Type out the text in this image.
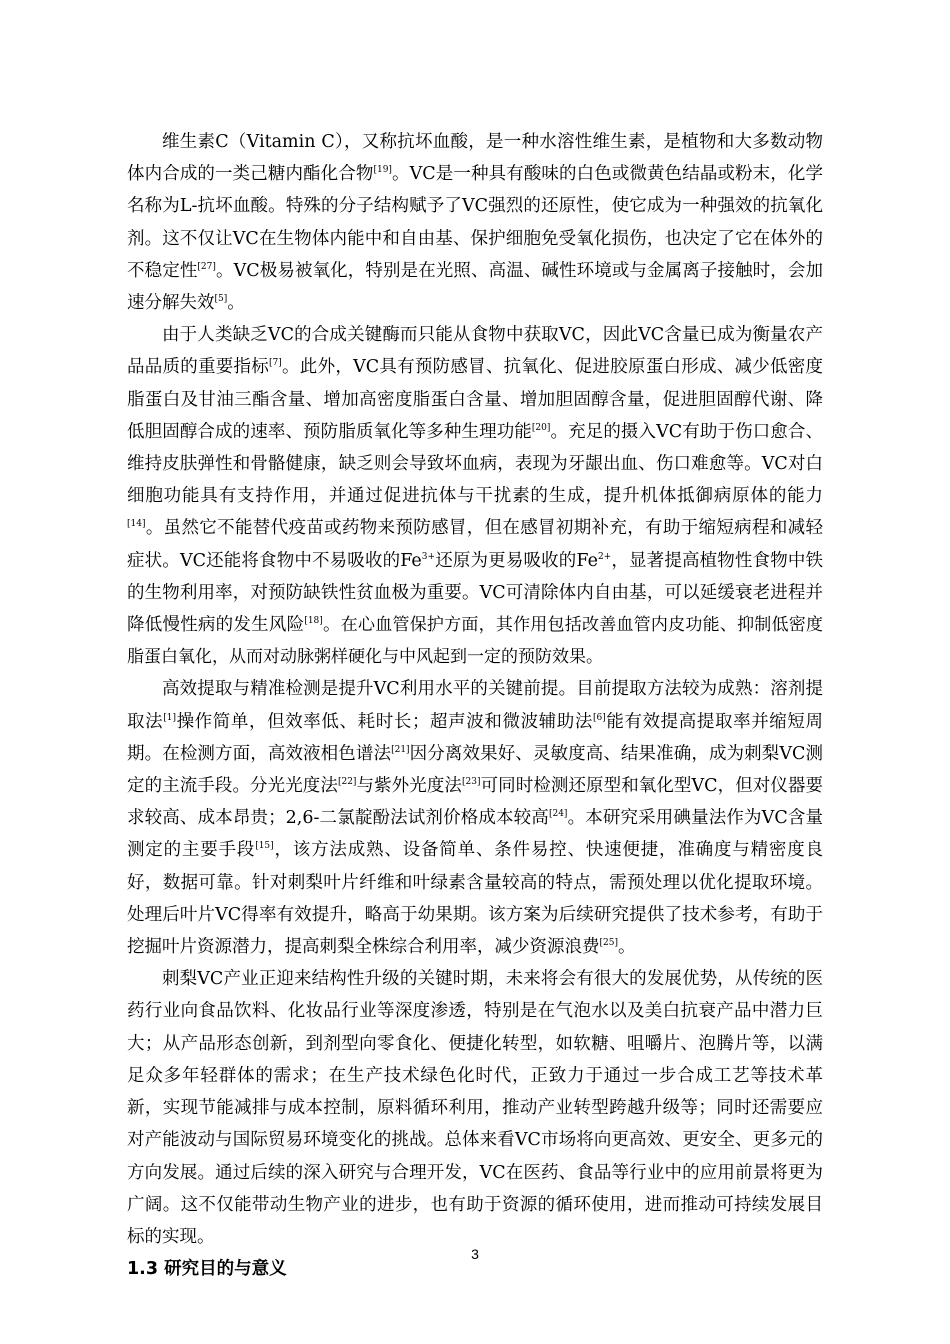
维生素C（Vitamin C），又称抗坏血酸，是一种水溶性维生素，是植物和大多数动物体内合成的一类己糖内酯化合物[19]。VC是一种具有酸味的白色或微黄色结晶或粉末，化学名称为L-抗坏血酸。特殊的分子结构赋予了VC强烈的还原性，使它成为一种强效的抗氧化剂。这不仅让VC在生物体内能中和自由基、保护细胞免受氧化损伤，也决定了它在体外的不稳定性[27]。VC极易被氧化，特别是在光照、高温、碱性环境或与金属离子接触时，会加速分解失效[5]。

由于人类缺乏VC的合成关键酶而只能从食物中获取VC，因此VC含量已成为衡量农产品品质的重要指标[7]。此外，VC具有预防感冒、抗氧化、促进胶原蛋白形成、减少低密度脂蛋白及甘油三酯含量、增加高密度脂蛋白含量、增加胆固醇含量，促进胆固醇代谢、降低胆固醇合成的速率、预防脂质氧化等多种生理功能[20]。充足的摄入VC有助于伤口愈合、维持皮肤弹性和骨骼健康，缺乏则会导致坏血病，表现为牙龈出血、伤口难愈等。VC对白细胞功能具有支持作用，并通过促进抗体与干扰素的生成，提升机体抵御病原体的能力[14]。虽然它不能替代疫苗或药物来预防感冒，但在感冒初期补充，有助于缩短病程和减轻症状。VC还能将食物中不易吸收的$Fe^{3+}$还原为更易吸收的$Fe^{2+}$，显著提高植物性食物中铁的生物利用率，对预防缺铁性贫血极为重要。VC可清除体内自由基，可以延缓衰老进程并降低慢性病的发生风险[18]。在心血管保护方面，其作用包括改善血管内皮功能、抑制低密度脂蛋白氧化，从而对动脉粥样硬化与中风起到一定的预防效果。

高效提取与精准检测是提升VC利用水平的关键前提。目前提取方法较为成熟：溶剂提取法[1]操作简单，但效率低、耗时长；超声波和微波辅助法[6]能有效提高提取率并缩短周期。在检测方面，高效液相色谱法[21]因分离效果好、灵敏度高、结果准确，成为刺梨VC测定的主流手段。分光光度法[22]与紫外光度法[23]可同时检测还原型和氧化型VC，但对仪器要求较高、成本昂贵；2,6-二氯靛酚法试剂价格成本较高[24]。本研究采用碘量法作为VC含量测定的主要手段[15]，该方法成熟、设备简单、条件易控、快速便捷，准确度与精密度良好，数据可靠。针对刺梨叶片纤维和叶绿素含量较高的特点，需预处理以优化提取环境。处理后叶片VC得率有效提升，略高于幼果期。该方案为后续研究提供了技术参考，有助于挖掘叶片资源潜力，提高刺梨全株综合利用率，减少资源浪费[25]。

刺梨VC产业正迎来结构性升级的关键时期，未来将会有很大的发展优势，从传统的医药行业向食品饮料、化妆品行业等深度渗透，特别是在气泡水以及美白抗衰产品中潜力巨大；从产品形态创新，到剂型向零食化、便捷化转型，如软糖、咀嚼片、泡腾片等，以满足众多年轻群体的需求；在生产技术绿色化时代，正致力于通过一步合成工艺等技术革新，实现节能减排与成本控制，原料循环利用，推动产业转型跨越升级等；同时还需要应对产能波动与国际贸易环境变化的挑战。总体来看VC市场将向更高效、更安全、更多元的方向发展。通过后续的深入研究与合理开发，VC在医药、食品等行业中的应用前景将更为广阔。这不仅能带动生物产业的进步，也有助于资源的循环使用，进而推动可持续发展目标的实现。

1.3 研究目的与意义
3
